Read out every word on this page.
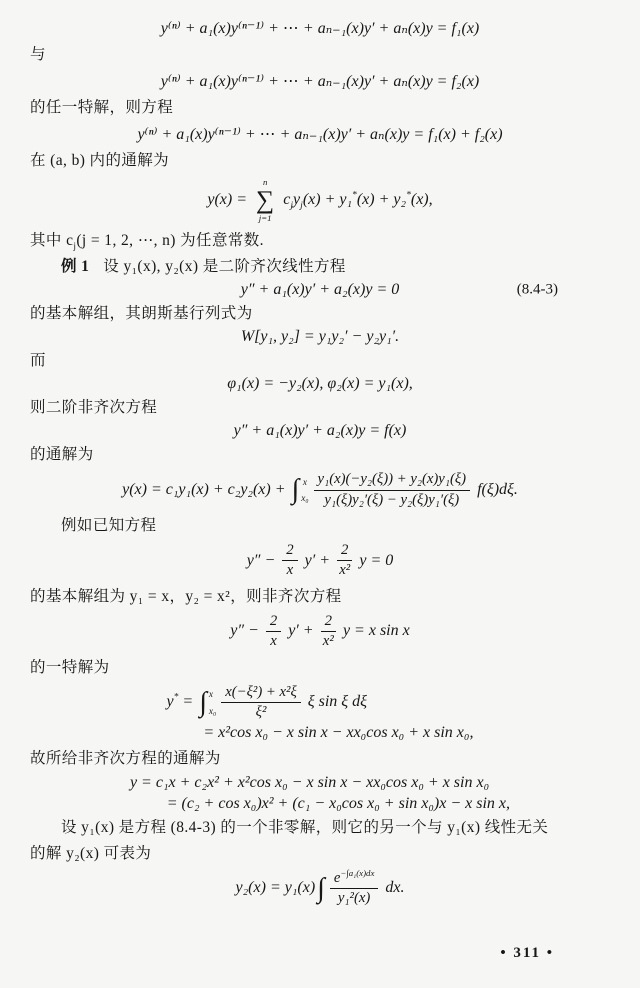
y⁽ⁿ⁾ + a₁(x)y⁽ⁿ⁻¹⁾ + ⋯ + aₙ₋₁(x)y′ + aₙ(x)y = f₁(x)

与

y⁽ⁿ⁾ + a₁(x)y⁽ⁿ⁻¹⁾ + ⋯ + aₙ₋₁(x)y′ + aₙ(x)y = f₂(x)

的任一特解，则方程

y⁽ⁿ⁾ + a₁(x)y⁽ⁿ⁻¹⁾ + ⋯ + aₙ₋₁(x)y′ + aₙ(x)y = f₁(x) + f₂(x)

在 (a, b) 内的通解为

y(x) =
n
∑
j=1
$c_jy_j(x) + y_1^*(x) + y_2^*(x)$,

其中 $c_j(j = 1$, 2, ⋯, n) 为任意常数.

例 1 设 y₁(x), y₂(x) 是二阶齐次线性方程

(8.4-3)
y″ + a₁(x)y′ + a₂(x)y = 0

的基本解组，其朗斯基行列式为

W[y₁, y₂] = y₁y₂′ − y₂y₁′.

而

φ₁(x) = −y₂(x), φ₂(x) = y₁(x),

则二阶非齐次方程

y″ + a₁(x)y′ + a₂(x)y = f(x)

的通解为

y(x) = c₁y₁(x) + c₂y₂(x) + ∫ x
$x_0 \frac{\text{y₁(x)(−y₂(ξ)) + y₂(x)y₁(ξ)}}{\text{y₁(ξ)y₂′(ξ) − y₂(ξ)y₁′(ξ)}} f(\xi)d\xi$.

例如已知方程

$y'' - \frac{2}{x} y' + \frac{2}{\text{x²}}$ y = 0

的基本解组为 y₁ = x，y₂ = x²，则非齐次方程

$y'' - \frac{2}{x} y' + \frac{2}{\text{x²}}$ y = x sin x

的一特解为

y* = ∫ x
$x_0 \frac{\text{x(−ξ²) + x²ξ}}{\text{ξ²}}$ ξ sin ξ dξ
= x²cos x₀ − x sin x − xx₀cos x₀ + x sin x₀,

故所给非齐次方程的通解为

y = c₁x + c₂x² + x²cos x₀ − x sin x − xx₀cos x₀ + x sin x₀
= (c₂ + cos x₀)x² + (c₁ − x₀cos x₀ + sin x₀)x − x sin x,

设 y₁(x) 是方程 (8.4-3) 的一个非零解，则它的另一个与 y₁(x) 线性无关

的解 y₂(x) 可表为

y₂(x) = y₁(x) ∫ $\frac{e^{-\int a_1(x)dx}}{\text{y₁²(x)}}$ dx.
• 311 •
